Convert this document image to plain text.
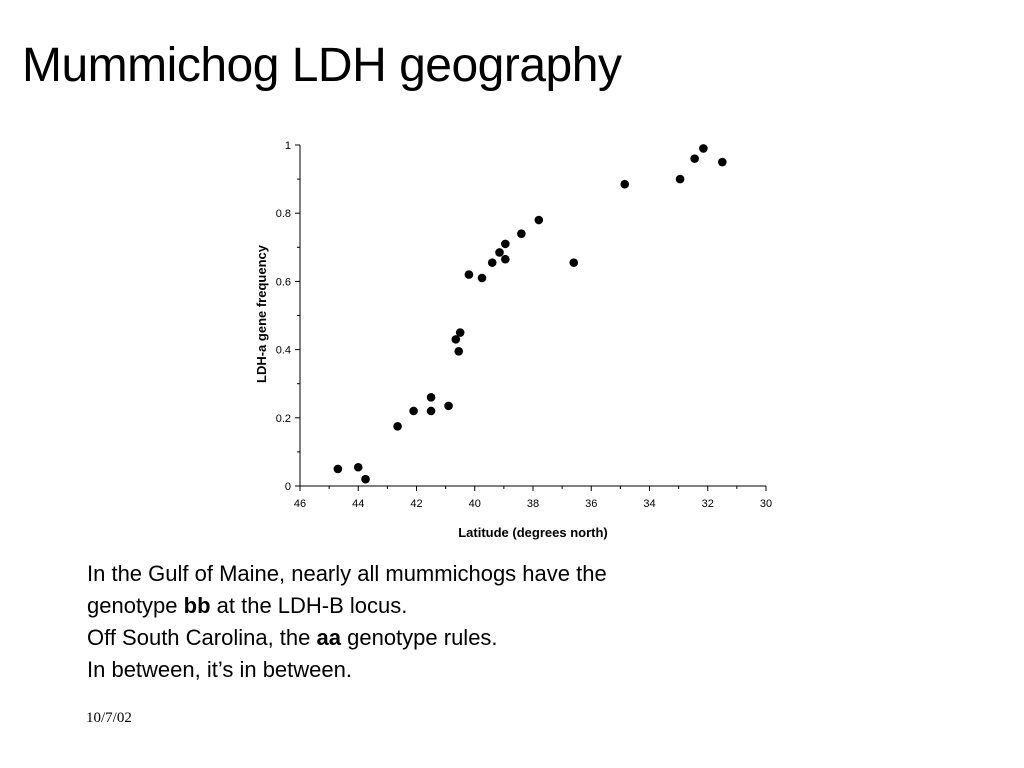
Mummichog LDH geography
46	44	42	40	38	36	34	32	30
0
0.2
0.4
0.6
0.8
1
Latitude (degrees north)
LDH-a gene frequency
In the Gulf of Maine, nearly all mummichogs have the
genotype bb at the LDH-B locus.
Off South Carolina, the aa genotype rules.
In between, it’s in between.
10/7/02
